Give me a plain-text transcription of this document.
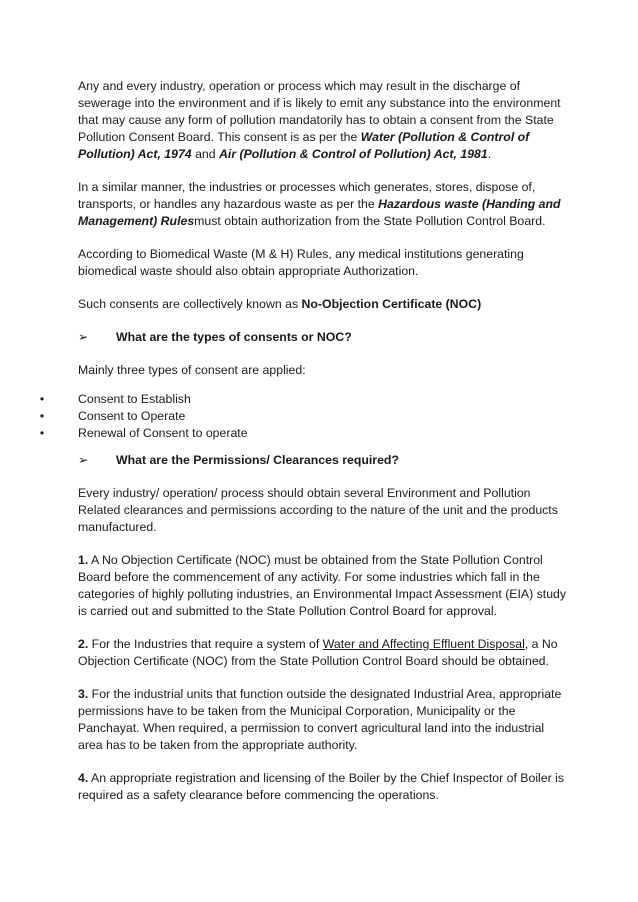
Any and every industry, operation or process which may result in the discharge of sewerage into the environment and if is likely to emit any substance into the environment that may cause any form of pollution mandatorily has to obtain a consent from the State Pollution Consent Board. This consent is as per the Water (Pollution & Control of Pollution) Act, 1974 and Air (Pollution & Control of Pollution) Act, 1981.

In a similar manner, the industries or processes which generates, stores, dispose of, transports, or handles any hazardous waste as per the Hazardous waste (Handing and Management) Rulesmust obtain authorization from the State Pollution Control Board.

According to Biomedical Waste (M & H) Rules, any medical institutions generating biomedical waste should also obtain appropriate Authorization.

Such consents are collectively known as No-Objection Certificate (NOC)

➢ What are the types of consents or NOC?

Mainly three types of consent are applied:

•	Consent to Establish
•	Consent to Operate
•	Renewal of Consent to operate

➢ What are the Permissions/ Clearances required?

Every industry/ operation/ process should obtain several Environment and Pollution Related clearances and permissions according to the nature of the unit and the products manufactured.

1. A No Objection Certificate (NOC) must be obtained from the State Pollution Control Board before the commencement of any activity. For some industries which fall in the categories of highly polluting industries, an Environmental Impact Assessment (EIA) study is carried out and submitted to the State Pollution Control Board for approval.

2. For the Industries that require a system of Water and Affecting Effluent Disposal, a No Objection Certificate (NOC) from the State Pollution Control Board should be obtained.

3. For the industrial units that function outside the designated Industrial Area, appropriate permissions have to be taken from the Municipal Corporation, Municipality or the Panchayat. When required, a permission to convert agricultural land into the industrial area has to be taken from the appropriate authority.

4. An appropriate registration and licensing of the Boiler by the Chief Inspector of Boiler is required as a safety clearance before commencing the operations.
